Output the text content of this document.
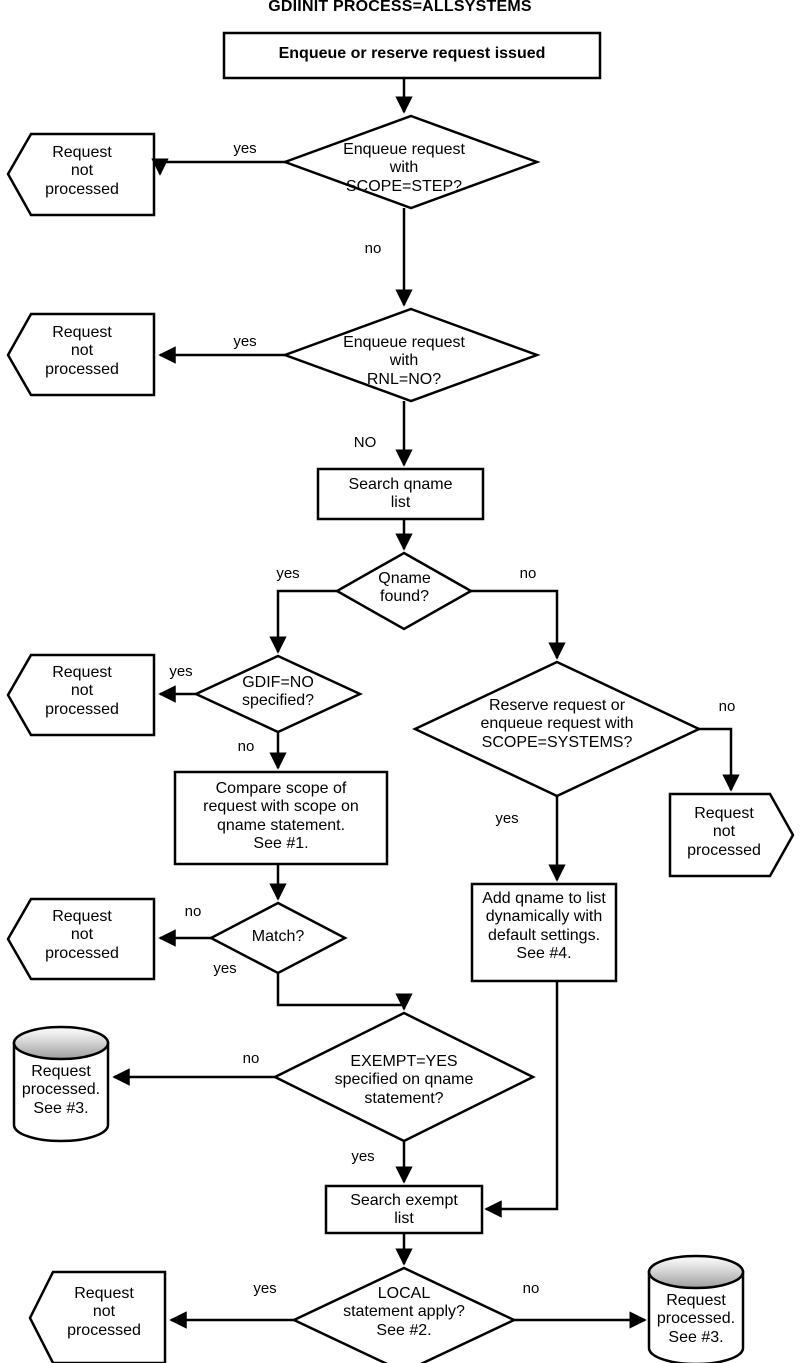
GDIINIT PROCESS=ALLSYSTEMS
Enqueue or reserve request issued
Enqueue request
with
SCOPE=STEP?
Request
not
processed
Enqueue request
with
RNL=NO?
Request
not
processed
Search qname
list
Qname
found?
GDIF=NO
specified?
Request
not
processed
Compare scope of
request with scope on
qname statement.
See #1.
Match?
Request
not
processed
Reserve request or
enqueue request with
SCOPE=SYSTEMS?
Request
not
processed
Add qname to list
dynamically with
default settings.
See #4.
EXEMPT=YES
specified on qname
statement?
Request
processed.
See #3.
Search exempt
list
LOCAL
statement apply?
See #2.
Request
not
processed
Request
processed.
See #3.
yes
no
yes
NO
yes	no
yes
no
no
yes
no
yes
no
yes
yes	no
